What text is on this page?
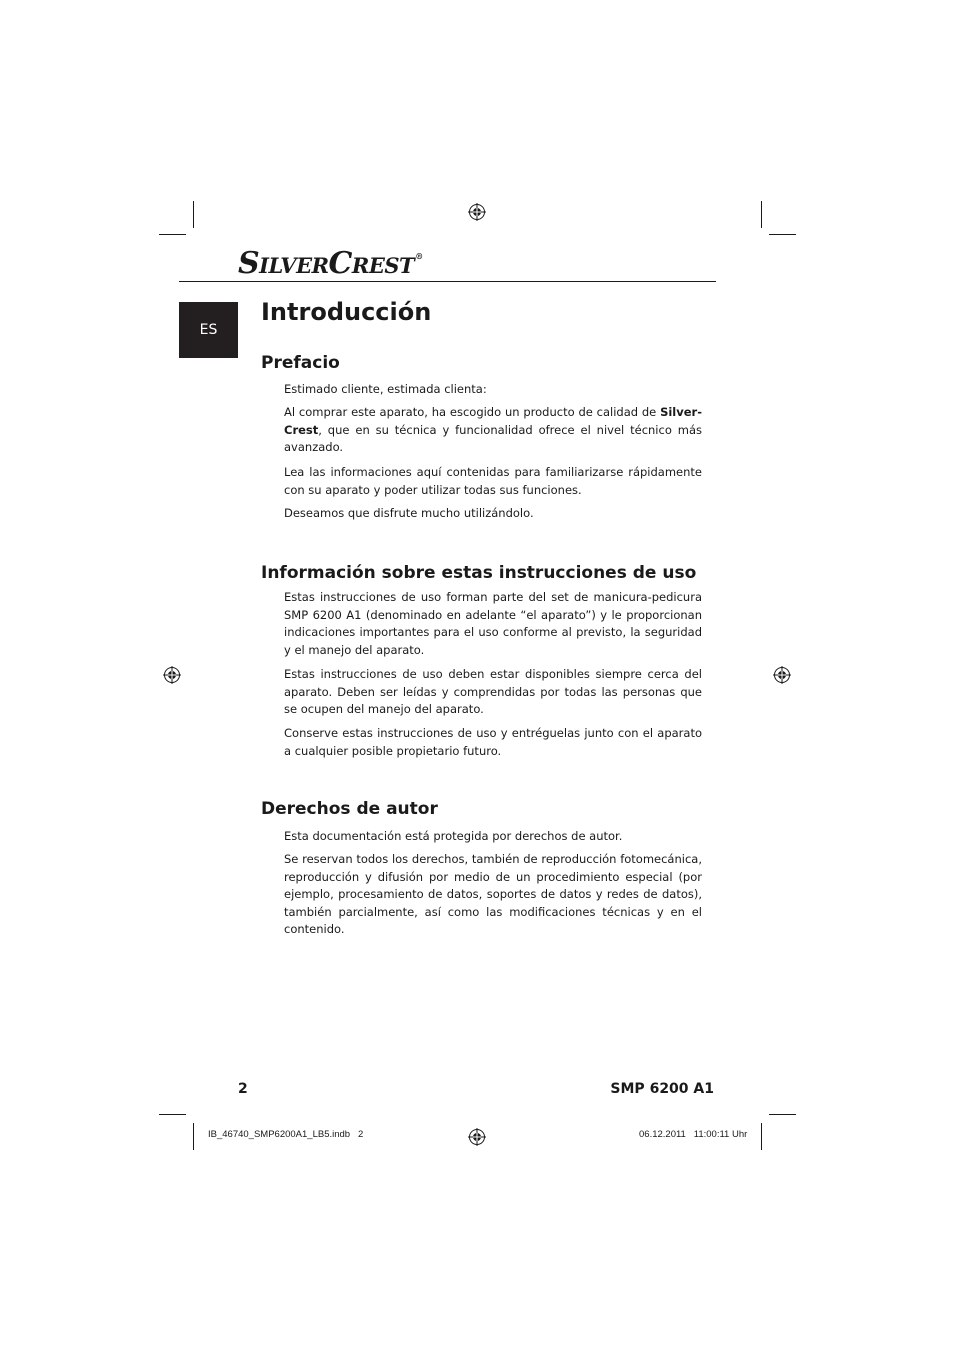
SILVERCREST®
ES
Introducción
Prefacio

Estimado cliente, estimada clienta:

Al comprar este aparato, ha escogido un producto de calidad de SilverCrest, que en su técnica y funcionalidad ofrece el nivel técnico más avanzado.

Lea las informaciones aquí contenidas para familiarizarse rápidamente con su aparato y poder utilizar todas sus funciones.

Deseamos que disfrute mucho utilizándolo.

Información sobre estas instrucciones de uso

Estas instrucciones de uso forman parte del set de manicura-pedicura SMP 6200 A1 (denominado en adelante “el aparato”) y le proporcionan indicaciones importantes para el uso conforme al previsto, la seguridad y el manejo del aparato.

Estas instrucciones de uso deben estar disponibles siempre cerca del aparato. Deben ser leídas y comprendidas por todas las personas que se ocupen del manejo del aparato.

Conserve estas instrucciones de uso y entréguelas junto con el aparato a cualquier posible propietario futuro.

Derechos de autor

Esta documentación está protegida por derechos de autor.

Se reservan todos los derechos, también de reproducción fotomecánica, reproducción y difusión por medio de un procedimiento especial (por ejemplo, procesamiento de datos, soportes de datos y redes de datos), también parcialmente, así como las modificaciones técnicas y en el contenido.

2	SMP 6200 A1
IB_46740_SMP6200A1_LB5.indb   2	06.12.2011   11:00:11 Uhr
